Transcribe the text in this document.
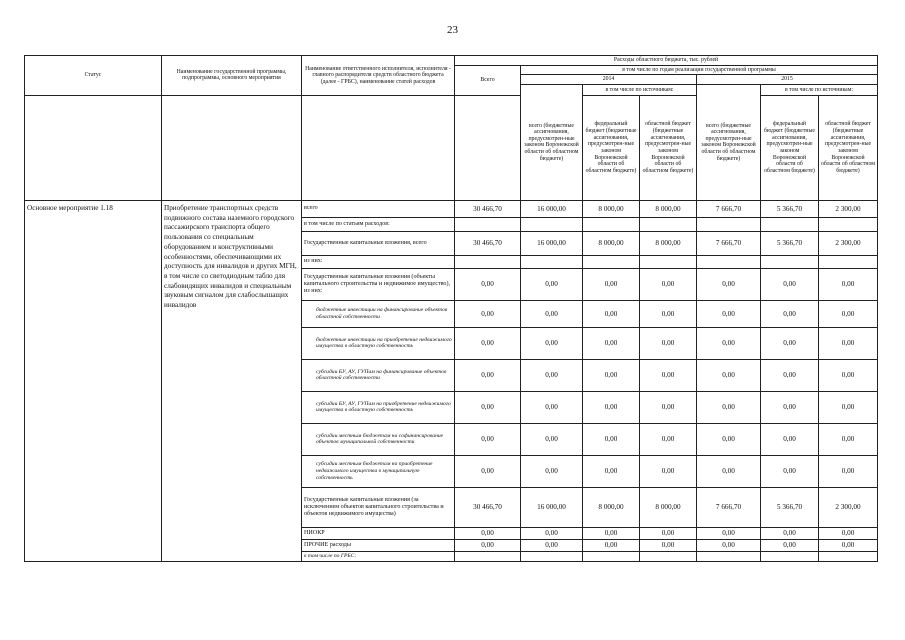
23
Статус	Наименование государственной программы, подпрограммы, основного мероприятия	Наименование ответственного исполнителя, исполнителя - главного распорядителя средств областного бюджета (далее - ГРБС), наименование статей расходов	Расходы областного бюджета, тыс. рублей						
			Всего	в том числе по годам реализации государственной программы					
				2014			2015		
				всего (бюджетные ассигнования, предусмотрен-ные законом Воронежской области об областном бюджете)	в том числе по источникам:		всего (бюджетные ассигнования, предусмотрен-ные законом Воронежской области об областном бюджете)	в том числе по источникам:	
					федеральный бюджет (бюджетные ассигнования, предусмотрен-ные законом Воронежской области об областном бюджете)	областной бюджет (бюджетные ассигнования, предусмотрен-ные законом Воронежской области об областном бюджете)		федеральный бюджет (бюджетные ассигнования, предусмотрен-ные законом Воронежской области об областном бюджете)	областной бюджет (бюджетные ассигнования, предусмотрен-ные законом Воронежской области об областном бюджете)
Основное мероприятие 1.18	Приобретение транспортных средств подвижного состава наземного городского пассажирского транспорта общего пользования со специальным оборудованием и конструктивными особенностями, обеспечивающими их доступность для инвалидов и других МГН, в том числе со светодиодным табло для слабовидящих инвалидов и специальным звуковым сигналом для слабослышащих инвалидов	всего	30 466,70	16 000,00	8 000,00	8 000,00	7 666,70	5 366,70	2 300,00
		в том числе по статьям расходов:							
		Государственные капитальные вложения, всего	30 466,70	16 000,00	8 000,00	8 000,00	7 666,70	5 366,70	2 300,00
		из них:							
		Государственные капитальные вложения (объекты капитального строительства и недвижимое имущество), из них:	0,00	0,00	0,00	0,00	0,00	0,00	0,00
		бюджетные инвестиции на финансирование объектов областной собственности	0,00	0,00	0,00	0,00	0,00	0,00	0,00
		бюджетные инвестиции на приобретение недвижимого имущества в областную собственность	0,00	0,00	0,00	0,00	0,00	0,00	0,00
		субсидии БУ, АУ, ГУПам на финансирование объектов областной собственности	0,00	0,00	0,00	0,00	0,00	0,00	0,00
		субсидии БУ, АУ, ГУПам на приобретение недвижимого имущества в областную собственность	0,00	0,00	0,00	0,00	0,00	0,00	0,00
		субсидии местным бюджетам на софинансирование объектов муниципальной собственности	0,00	0,00	0,00	0,00	0,00	0,00	0,00
		субсидии местным бюджетам на приобретение недвижимого имущества в муниципальную собственность	0,00	0,00	0,00	0,00	0,00	0,00	0,00
		Государственные капитальные вложения (за исключением объектов капитального строительства и объектов недвижимого имущества)	30 466,70	16 000,00	8 000,00	8 000,00	7 666,70	5 366,70	2 300,00
		НИОКР	0,00	0,00	0,00	0,00	0,00	0,00	0,00
		ПРОЧИЕ расходы	0,00	0,00	0,00	0,00	0,00	0,00	0,00
		в том числе по ГРБС:							
